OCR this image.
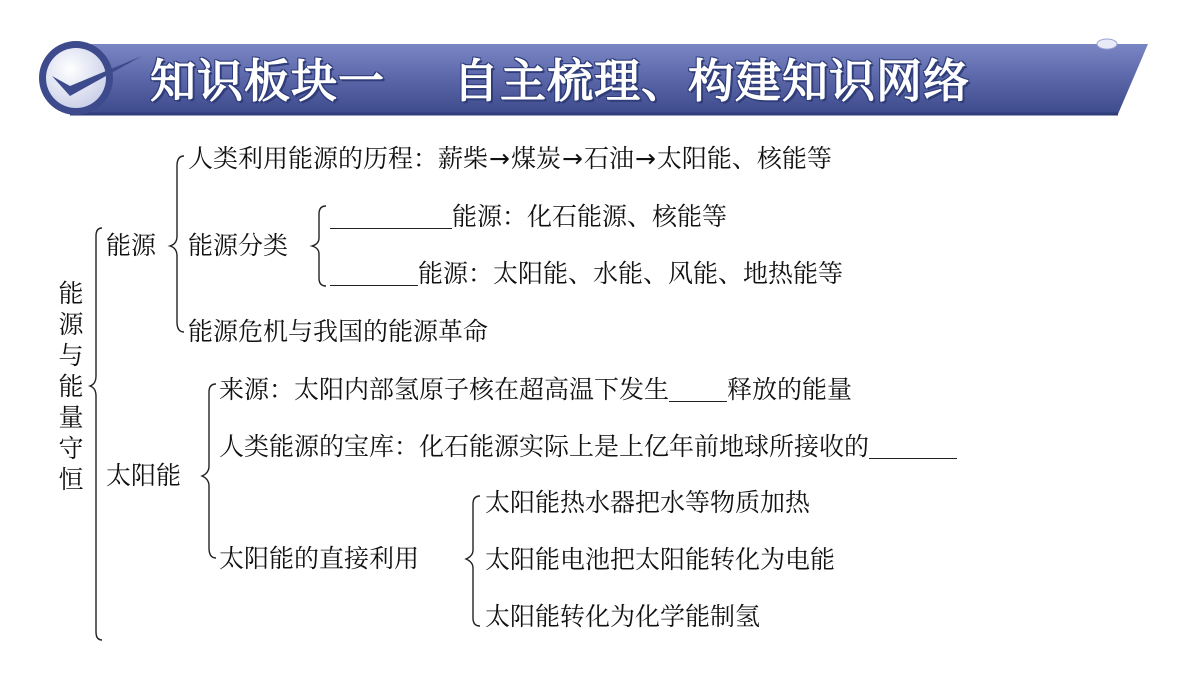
知识板块一    自主梳理、构建知识网络
能
源
与
能
量
守
恒
能源
人类利用能源的历程：薪柴→煤炭→石油→太阳能、核能等
能源分类
能源：化石能源、核能等
能源：太阳能、水能、风能、地热能等
能源危机与我国的能源革命
太阳能
来源：太阳内部氢原子核在超高温下发生 释放的能量
人类能源的宝库：化石能源实际上是上亿年前地球所接收的
太阳能的直接利用
太阳能热水器把水等物质加热
太阳能电池把太阳能转化为电能
太阳能转化为化学能制氢
